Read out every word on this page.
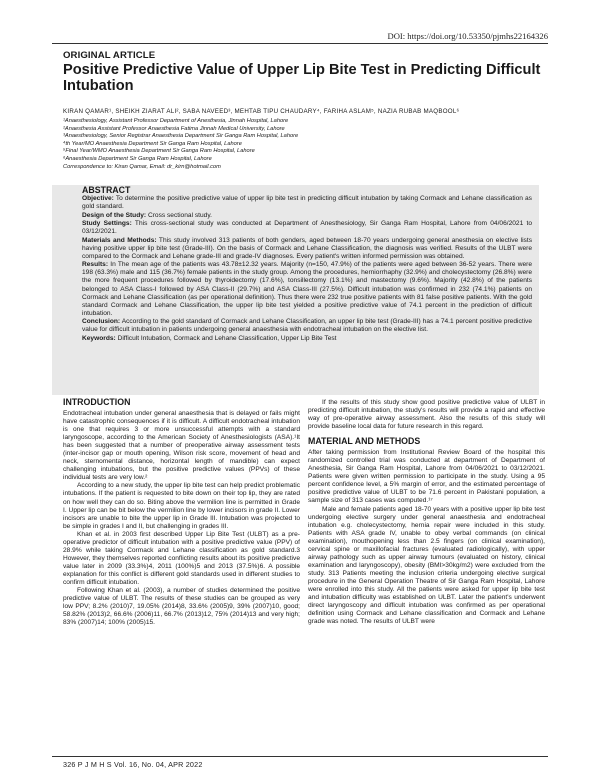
DOI: https://doi.org/10.53350/pjmhs22164326
ORIGINAL ARTICLE
Positive Predictive Value of Upper Lip Bite Test in Predicting Difficult Intubation
KIRAN QAMAR¹, SHEIKH ZIARAT ALI², SABA NAVEED³, MEHTAB TIPU CHAUDARY⁴, FARIHA ASLAM⁵, NAZIA RUBAB MAQBOOL⁶
¹Anaesthesiology, Assistant Professor Department of Anesthesia, Jinnah Hospital, Lahore
²Anaesthesia Assistant Professor Anaesthesia Fatima Jinnah Medical University, Lahore
³Anaesthesiology, Senior Registrar Anaesthesia Department Sir Ganga Ram Hospital, Lahore
⁴th Year/MO Anaesthesia Department Sir Ganga Ram Hospital, Lahore
⁵Final Year/WMO Anaesthesia Department Sir Ganga Ram Hospital, Lahore
⁶Anaesthesia Department Sir Ganga Ram Hospital, Lahore
Correspondence to: Kiran Qamar, Email: dr_kirn@hotmail.com
ABSTRACT

Objective: To determine the positive predictive value of upper lip bite test in predicting difficult intubation by taking Cormack and Lehane classification as gold standard.

Design of the Study: Cross sectional study.

Study Settings: This cross-sectional study was conducted at Department of Anesthesiology, Sir Ganga Ram Hospital, Lahore from 04/06/2021 to 03/12/2021.

Materials and Methods: This study involved 313 patients of both genders, aged between 18-70 years undergoing general anesthesia on elective lists having positive upper lip bite test (Grade-III). On the basis of Cormack and Lehane Classification, the diagnosis was verified. Results of the ULBT were compared to the Cormack and Lehane grade-III and grade-IV diagnoses. Every patient's written informed permission was obtained.

Results: In The mean age of the patients was 43.78±12.32 years. Majority (n=150, 47.9%) of the patients were aged between 36-52 years. There were 198 (63.3%) male and 115 (36.7%) female patients in the study group. Among the procedures, herniorrhaphy (32.9%) and cholecystectomy (26.8%) were the more frequent procedures followed by thyroidectomy (17.6%), tonsillectomy (13.1%) and mastectomy (9.6%). Majority (42.8%) of the patients belonged to ASA Class-I followed by ASA Class-II (29.7%) and ASA Class-III (27.5%). Difficult intubation was confirmed in 232 (74.1%) patients on Cormack and Lehane Classification (as per operational definition). Thus there were 232 true positive patients with 81 false positive patients. With the gold standard Cormack and Lehane Classification, the upper lip bite test yielded a positive predictive value of 74.1 percent in the prediction of difficult intubation.

Conclusion: According to the gold standard of Cormack and Lehane Classification, an upper lip bite test (Grade-III) has a 74.1 percent positive predictive value for difficult intubation in patients undergoing general anaesthesia with endotracheal intubation on the elective list.

Keywords: Difficult Intubation, Cormack and Lehane Classification, Upper Lip Bite Test

INTRODUCTION

Endotracheal intubation under general anaesthesia that is delayed or fails might have catastrophic consequences if it is difficult. A difficult endotracheal intubation is one that requires 3 or more unsuccessful attempts with a standard laryngoscope, according to the American Society of Anesthesiologists (ASA).¹It has been suggested that a number of preoperative airway assessment tests (inter-incisor gap or mouth opening, Wilson risk score, movement of head and neck, sternomental distance, horizontal length of mandible) can expect challenging intubations, but the positive predictive values (PPVs) of these individual tests are very low.²

According to a new study, the upper lip bite test can help predict problematic intubations. If the patient is requested to bite down on their top lip, they are rated on how well they can do so. Biting above the vermilion line is permitted in Grade I. Upper lip can be bit below the vermilion line by lower incisors in grade II. Lower incisors are unable to bite the upper lip in Grade III. Intubation was projected to be simple in grades I and II, but challenging in grades III.

Khan et al. in 2003 first described Upper Lip Bite Test (ULBT) as a pre- operative predictor of difficult intubation with a positive predictive value (PPV) of 28.9% while taking Cormack and Lehane classification as gold standard.3 However, they themselves reported conflicting results about its positive predictive value later in 2009 (33.3%)4, 2011 (100%)5 and 2013 (37.5%)6. A possible explanation for this conflict is different gold standards used in different studies to confirm difficult intubation.

Following Khan et al. (2003), a number of studies determined the positive predictive value of ULBT. The results of these studies can be grouped as very low PPV; 8.2% (2010)7, 19.05% (2014)8, 33.6% (2005)9, 39% (2007)10, good; 58.82% (2013)2, 66.6% (2006)11, 66.7% (2013)12, 75% (2014)13 and very high; 83% (2007)14; 100% (2005)15.

If the results of this study show good positive predictive value of ULBT in predicting difficult intubation, the study's results will provide a rapid and effective way of pre-operative airway assessment. Also the results of this study will provide baseline local data for future research in this regard.

MATERIAL AND METHODS

After taking permission from Institutional Review Board of the hospital this randomized controlled trial was conducted at department of Department of Anesthesia, Sir Ganga Ram Hospital, Lahore from 04/06/2021 to 03/12/2021. Patients were given written permission to participate in the study. Using a 95 percent confidence level, a 5% margin of error, and the estimated percentage of positive predictive value of ULBT to be 71.6 percent in Pakistani population, a sample size of 313 cases was computed.¹⁷

Male and female patients aged 18-70 years with a positive upper lip bite test undergoing elective surgery under general anaesthesia and endotracheal intubation e.g. cholecystectomy, hernia repair were included in this study. Patients with ASA grade IV, unable to obey verbal commands (on clinical examination), mouthopening less than 2.5 fingers (on clinical examination), cervical spine or maxillofacial fractures (evaluated radiologically), with upper airway pathology such as upper airway tumours (evaluated on history, clinical examination and laryngoscopy), obesity (BMI>30kg/m2) were excluded from the study. 313 Patients meeting the inclusion criteria undergoing elective surgical procedure in the General Operation Theatre of Sir Ganga Ram Hospital, Lahore were enrolled into this study. All the patients were asked for upper lip bite test and intubation difficulty was established on ULBT. Later the patient's underwent direct laryngoscopy and difficult intubation was confirmed as per operational definition using Cormack and Lehane classification and Cormack and Lehane grade was noted. The results of ULBT were

326 P J M H S Vol. 16, No. 04, APR 2022
